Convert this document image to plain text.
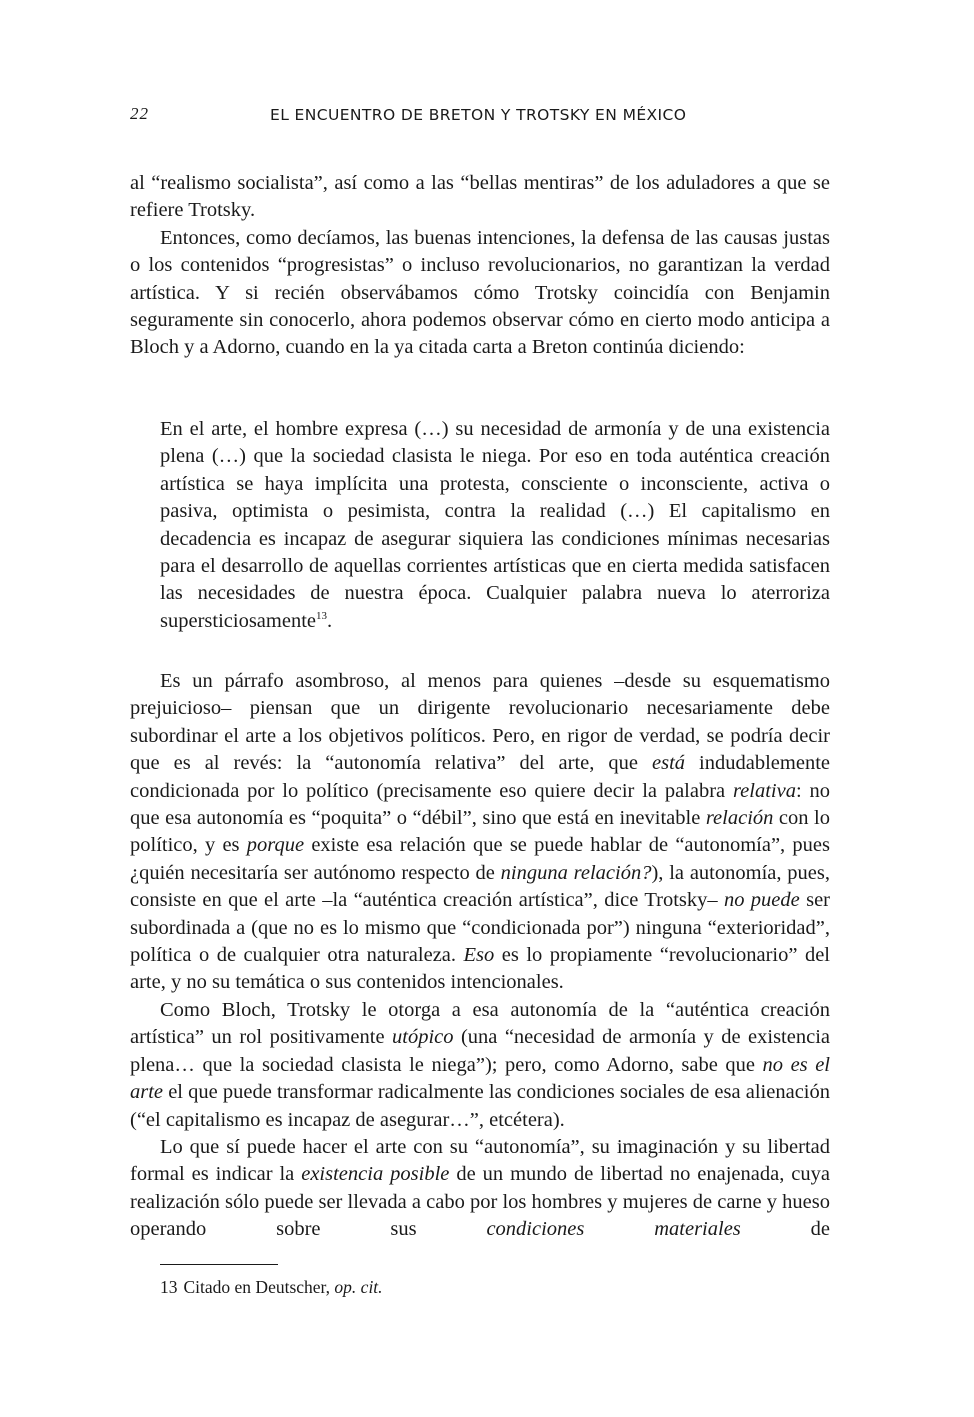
22	EL ENCUENTRO DE BRETON Y TROTSKY EN MÉXICO

al “realismo socialista”, así como a las “bellas mentiras” de los aduladores a que se refiere Trotsky.

Entonces, como decíamos, las buenas intenciones, la defensa de las causas justas o los contenidos “progresistas” o incluso revolucionarios, no garantizan la verdad artística. Y si recién observábamos cómo Trotsky coincidía con Benjamin seguramente sin conocerlo, ahora podemos observar cómo en cierto modo anticipa a Bloch y a Adorno, cuando en la ya citada carta a Breton continúa diciendo:

En el arte, el hombre expresa (…) su necesidad de armonía y de una existencia plena (…) que la sociedad clasista le niega. Por eso en toda auténtica creación artística se haya implícita una protesta, consciente o inconsciente, activa o pasiva, optimista o pesimista, contra la realidad (…) El capitalismo en decadencia es incapaz de asegurar siquiera las condiciones mínimas necesarias para el desarrollo de aquellas corrientes artísticas que en cierta medida satisfacen las necesidades de nuestra época. Cualquier palabra nueva lo aterroriza supersticiosamente$^{13}$.

Es un párrafo asombroso, al menos para quienes –desde su esquematismo prejuicioso– piensan que un dirigente revolucionario necesariamente debe subordinar el arte a los objetivos políticos. Pero, en rigor de verdad, se podría decir que es al revés: la “autonomía relativa” del arte, que está indudablemente condicionada por lo político (precisamente eso quiere decir la palabra relativa: no que esa autonomía es “poquita” o “débil”, sino que está en inevitable relación con lo político, y es porque existe esa relación que se puede hablar de “autonomía”, pues ¿quién necesitaría ser autónomo respecto de ninguna relación?), la autonomía, pues, consiste en que el arte –la “auténtica creación artística”, dice Trotsky– no puede ser subordinada a (que no es lo mismo que “condicionada por”) ninguna “exterioridad”, política o de cualquier otra naturaleza. Eso es lo propiamente “revolucionario” del arte, y no su temática o sus contenidos intencionales.

Como Bloch, Trotsky le otorga a esa autonomía de la “auténtica creación artística” un rol positivamente utópico (una “necesidad de armonía y de existencia plena… que la sociedad clasista le niega”); pero, como Adorno, sabe que no es el arte el que puede transformar radicalmente las condiciones sociales de esa alienación (“el capitalismo es incapaz de asegurar…”, etcétera).

Lo que sí puede hacer el arte con su “autonomía”, su imaginación y su libertad formal es indicar la existencia posible de un mundo de libertad no enajenada, cuya realización sólo puede ser llevada a cabo por los hombres y mujeres de carne y hueso operando sobre sus condiciones materiales de

13 Citado en Deutscher, op. cit.
